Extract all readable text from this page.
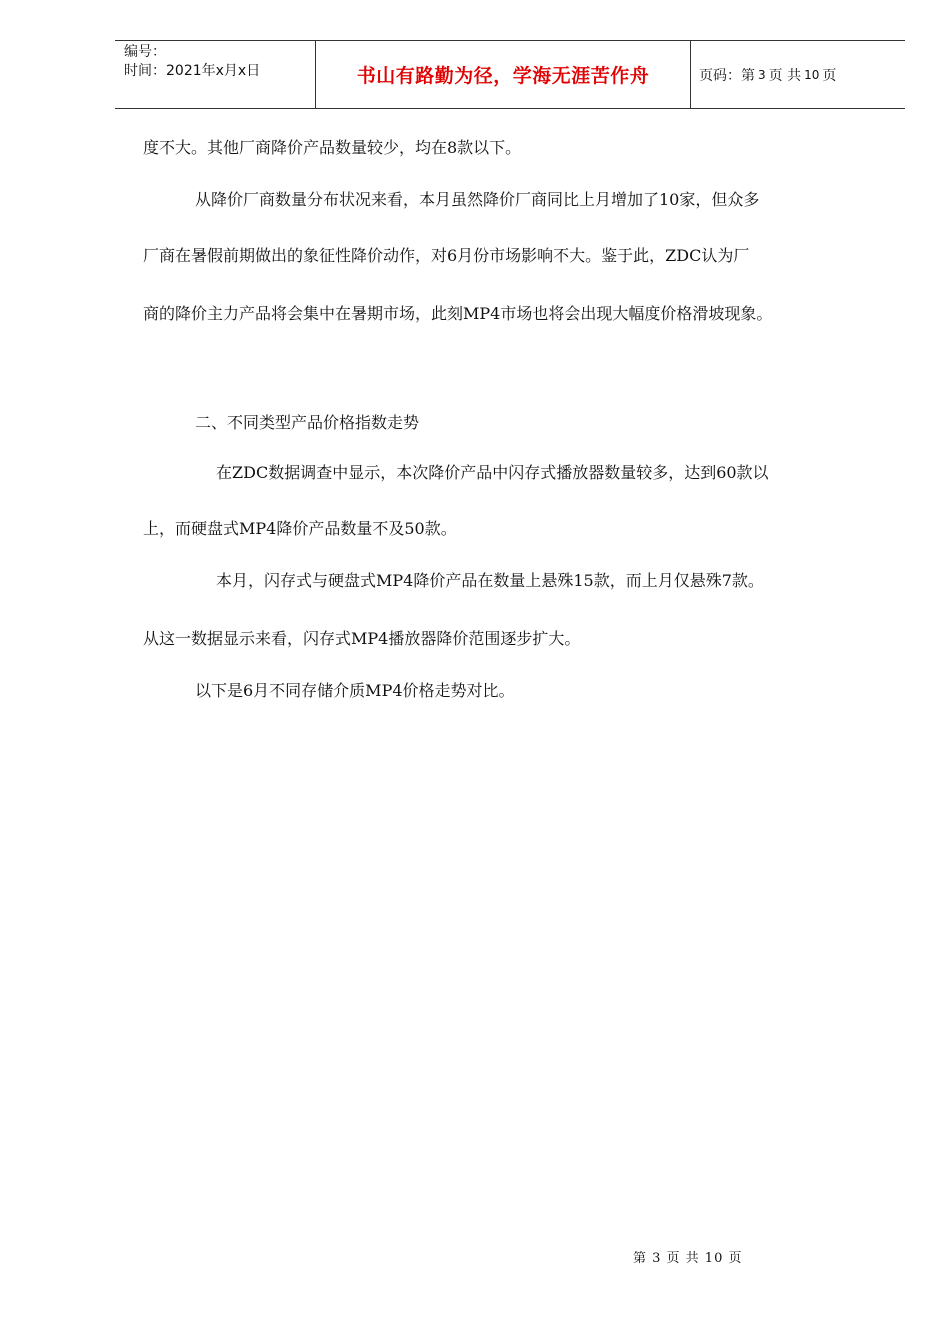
编号：
时间：2021年x月x日	书山有路勤为径，学海无涯苦作舟	页码：第 3 页 共 10 页
度不大。其他厂商降价产品数量较少，均在8款以下。
从降价厂商数量分布状况来看，本月虽然降价厂商同比上月增加了10家，但众多
厂商在暑假前期做出的象征性降价动作，对6月份市场影响不大。鉴于此，ZDC认为厂
商的降价主力产品将会集中在暑期市场，此刻MP4市场也将会出现大幅度价格滑坡现象。
二、不同类型产品价格指数走势
在ZDC数据调查中显示，本次降价产品中闪存式播放器数量较多，达到60款以
上，而硬盘式MP4降价产品数量不及50款。
本月，闪存式与硬盘式MP4降价产品在数量上悬殊15款，而上月仅悬殊7款。
从这一数据显示来看，闪存式MP4播放器降价范围逐步扩大。
以下是6月不同存储介质MP4价格走势对比。
第 3 页 共 10 页
